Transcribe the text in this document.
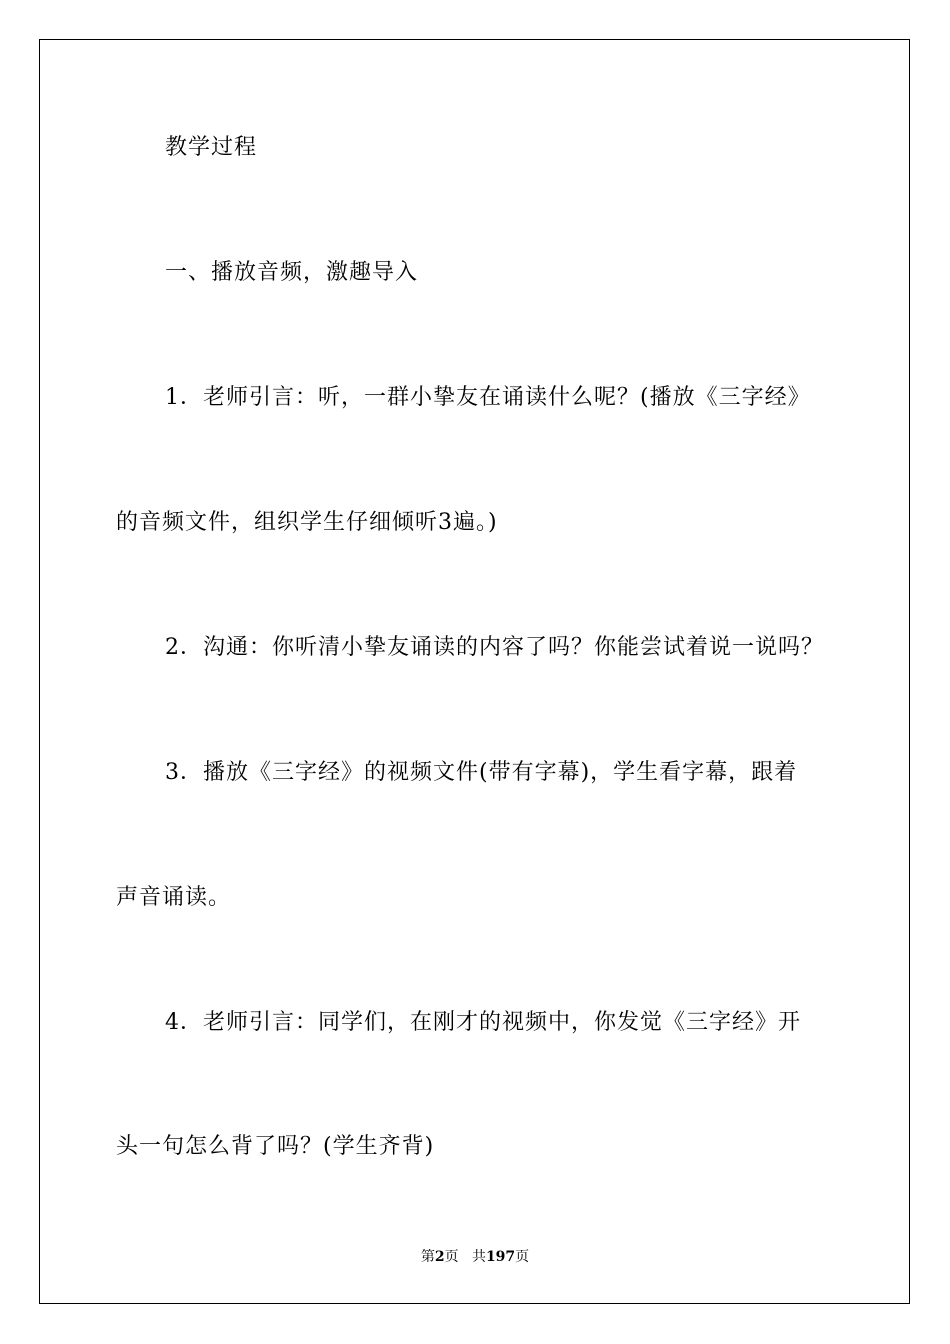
教学过程
一、播放音频，激趣导入
1．老师引言：听，一群小挚友在诵读什么呢？(播放《三字经》
的音频文件，组织学生仔细倾听3遍。)
2．沟通：你听清小挚友诵读的内容了吗？你能尝试着说一说吗？
3．播放《三字经》的视频文件(带有字幕)，学生看字幕，跟着
声音诵读。
4．老师引言：同学们，在刚才的视频中，你发觉《三字经》开
头一句怎么背了吗？(学生齐背)
第2页 共197页
